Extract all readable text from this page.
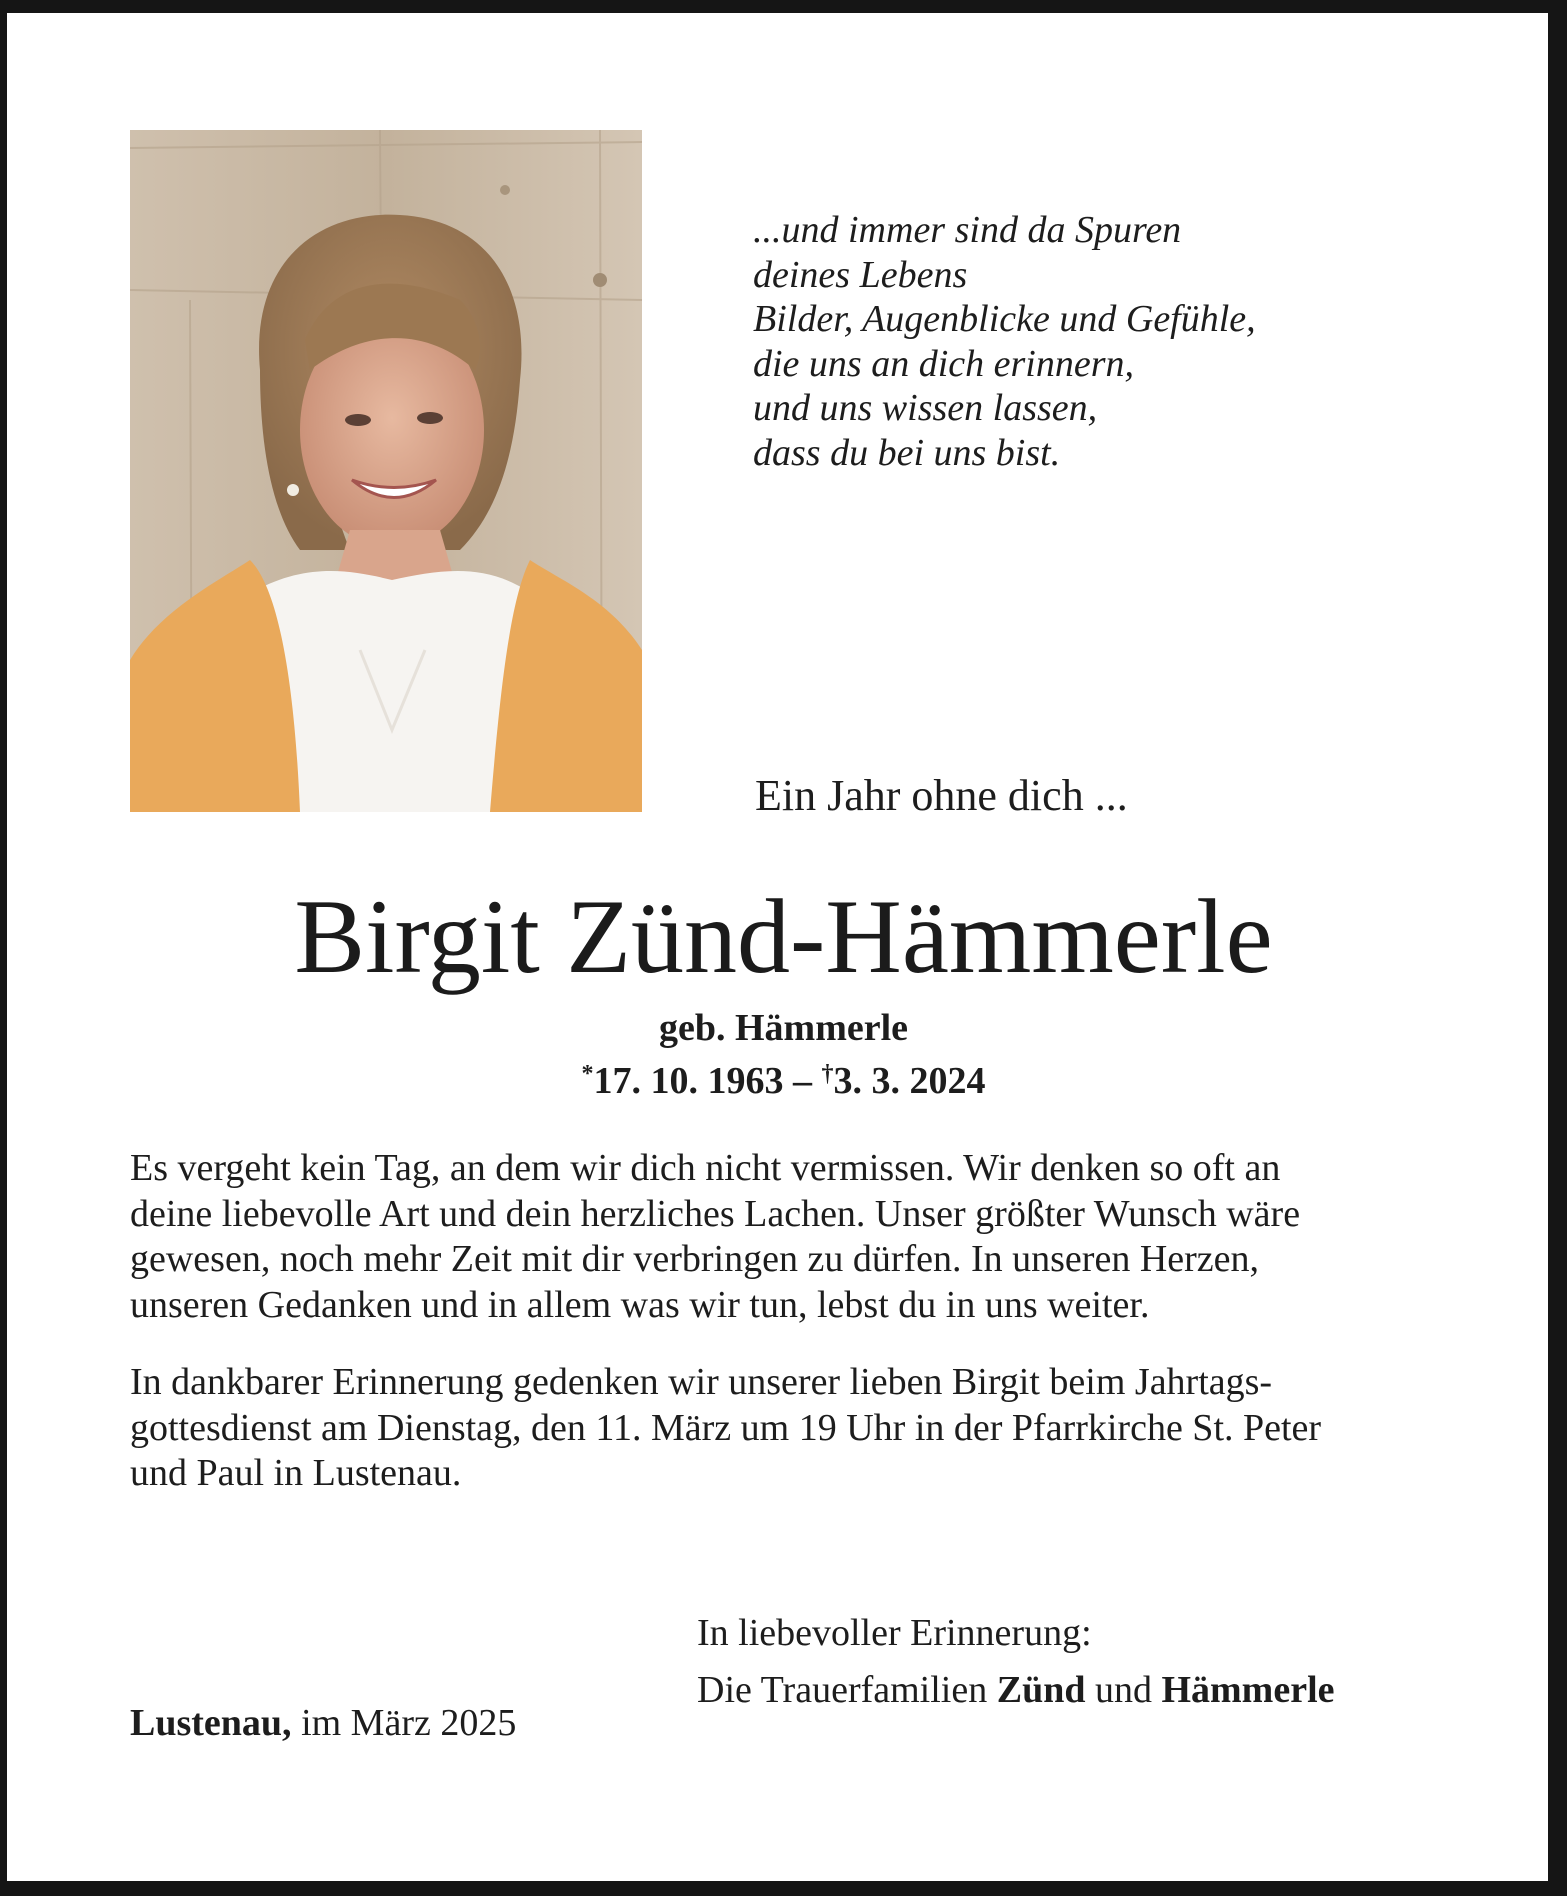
...und immer sind da Spuren
deines Lebens
Bilder, Augenblicke und Gefühle,
die uns an dich erinnern,
und uns wissen lassen,
dass du bei uns bist.
Ein Jahr ohne dich ...
Birgit Zünd-Hämmerle
geb. Hämmerle
*17. 10. 1963 – †3. 3. 2024
Es vergeht kein Tag, an dem wir dich nicht vermissen. Wir denken so oft an
deine liebevolle Art und dein herzliches Lachen. Unser größter Wunsch wäre
gewesen, noch mehr Zeit mit dir verbringen zu dürfen. In unseren Herzen,
unseren Gedanken und in allem was wir tun, lebst du in uns weiter.
In dankbarer Erinnerung gedenken wir unserer lieben Birgit beim Jahrtags-
gottesdienst am Dienstag, den 11. März um 19 Uhr in der Pfarrkirche St. Peter
und Paul in Lustenau.
In liebevoller Erinnerung:
Die Trauerfamilien Zünd und Hämmerle
Lustenau, im März 2025
